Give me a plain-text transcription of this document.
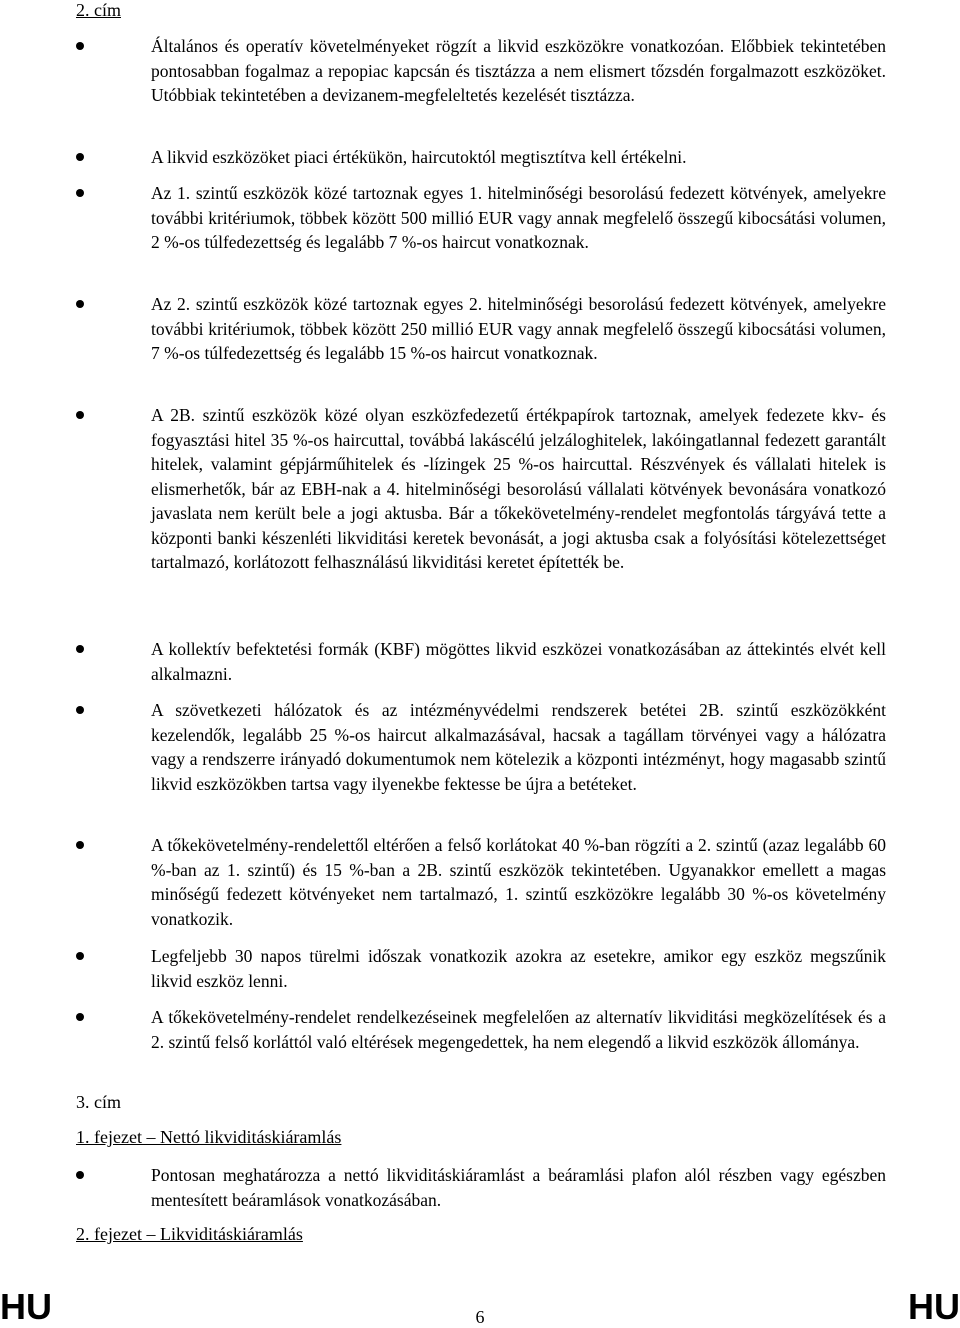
2. cím

Általános és operatív követelményeket rögzít a likvid eszközökre vonatkozóan. Előbbiek tekintetében pontosabban fogalmaz a repopiac kapcsán és tisztázza a nem elismert tőzsdén forgalmazott eszközöket. Utóbbiak tekintetében a devizanem-megfeleltetés kezelését tisztázza.

A likvid eszközöket piaci értékükön, haircutoktól megtisztítva kell értékelni.

Az 1. szintű eszközök közé tartoznak egyes 1. hitelminőségi besorolású fedezett kötvények, amelyekre további kritériumok, többek között 500 millió EUR vagy annak megfelelő összegű kibocsátási volumen, 2 %-os túlfedezettség és legalább 7 %-os haircut vonatkoznak.

Az 2. szintű eszközök közé tartoznak egyes 2. hitelminőségi besorolású fedezett kötvények, amelyekre további kritériumok, többek között 250 millió EUR vagy annak megfelelő összegű kibocsátási volumen, 7 %-os túlfedezettség és legalább 15 %-os haircut vonatkoznak.

A 2B. szintű eszközök közé olyan eszközfedezetű értékpapírok tartoznak, amelyek fedezete kkv- és fogyasztási hitel 35 %-os haircuttal, továbbá lakáscélú jelzáloghitelek, lakóingatlannal fedezett garantált hitelek, valamint gépjárműhitelek és -lízingek 25 %-os haircuttal. Részvények és vállalati hitelek is elismerhetők, bár az EBH-nak a 4. hitelminőségi besorolású vállalati kötvények bevonására vonatkozó javaslata nem került bele a jogi aktusba. Bár a tőkekövetelmény-rendelet megfontolás tárgyává tette a központi banki készenléti likviditási keretek bevonását, a jogi aktusba csak a folyósítási kötelezettséget tartalmazó, korlátozott felhasználású likviditási keretet építették be.

A kollektív befektetési formák (KBF) mögöttes likvid eszközei vonatkozásában az áttekintés elvét kell alkalmazni.

A szövetkezeti hálózatok és az intézményvédelmi rendszerek betétei 2B. szintű eszközökként kezelendők, legalább 25 %-os haircut alkalmazásával, hacsak a tagállam törvényei vagy a hálózatra vagy a rendszerre irányadó dokumentumok nem kötelezik a központi intézményt, hogy magasabb szintű likvid eszközökben tartsa vagy ilyenekbe fektesse be újra a betéteket.

A tőkekövetelmény-rendelettől eltérően a felső korlátokat 40 %-ban rögzíti a 2. szintű (azaz legalább 60 %-ban az 1. szintű) és 15 %-ban a 2B. szintű eszközök tekintetében. Ugyanakkor emellett a magas minőségű fedezett kötvényeket nem tartalmazó, 1. szintű eszközökre legalább 30 %-os követelmény vonatkozik.

Legfeljebb 30 napos türelmi időszak vonatkozik azokra az esetekre, amikor egy eszköz megszűnik likvid eszköz lenni.

A tőkekövetelmény-rendelet rendelkezéseinek megfelelően az alternatív likviditási megközelítések és a 2. szintű felső korláttól való eltérések megengedettek, ha nem elegendő a likvid eszközök állománya.

3. cím
1. fejezet – Nettó likviditáskiáramlás

Pontosan meghatározza a nettó likviditáskiáramlást a beáramlási plafon alól részben vagy egészben mentesített beáramlások vonatkozásában.

2. fejezet – Likviditáskiáramlás
HU	6	HU
